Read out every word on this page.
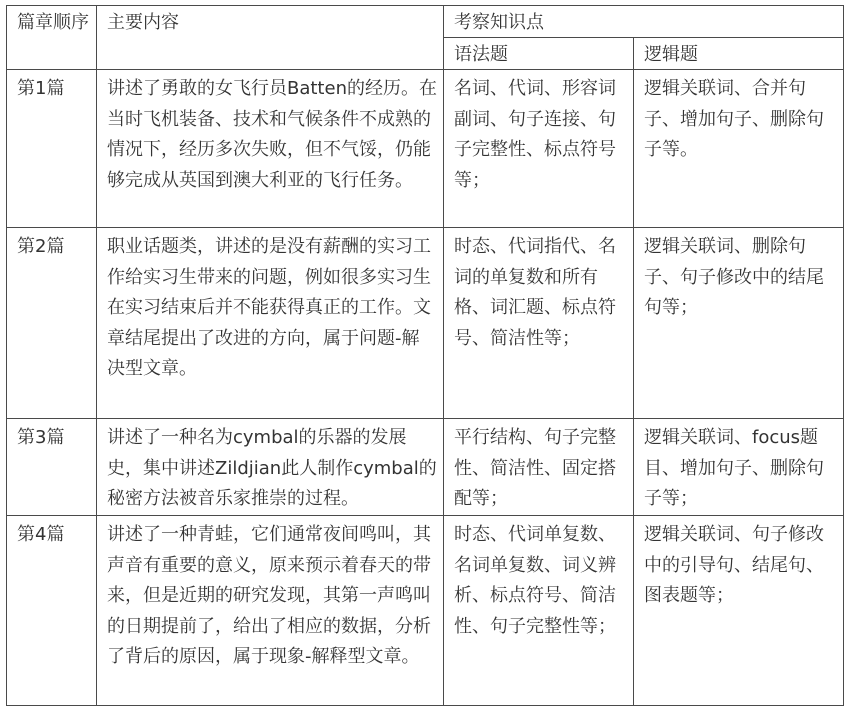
篇章顺序	主要内容	考察知识点	
		语法题	逻辑题
第1篇	讲述了勇敢的女飞行员Batten的经历。在当时飞机装备、技术和气候条件不成熟的情况下，经历多次失败，但不气馁，仍能够完成从英国到澳大利亚的飞行任务。	名词、代词、形容词副词、句子连接、句子完整性、标点符号等；	逻辑关联词、合并句子、增加句子、删除句子等。
第2篇	职业话题类，讲述的是没有薪酬的实习工作给实习生带来的问题，例如很多实习生在实习结束后并不能获得真正的工作。文章结尾提出了改进的方向，属于问题-解决型文章。	时态、代词指代、名词的单复数和所有格、词汇题、标点符号、简洁性等；	逻辑关联词、删除句子、句子修改中的结尾句等；
第3篇	讲述了一种名为cymbal的乐器的发展史，集中讲述Zildjian此人制作cymbal的秘密方法被音乐家推崇的过程。	平行结构、句子完整性、简洁性、固定搭配等；	逻辑关联词、focus题目、增加句子、删除句子等；
第4篇	讲述了一种青蛙，它们通常夜间鸣叫，其声音有重要的意义，原来预示着春天的带来，但是近期的研究发现，其第一声鸣叫的日期提前了，给出了相应的数据，分析了背后的原因，属于现象-解释型文章。	时态、代词单复数、名词单复数、词义辨析、标点符号、简洁性、句子完整性等；	逻辑关联词、句子修改中的引导句、结尾句、图表题等；
